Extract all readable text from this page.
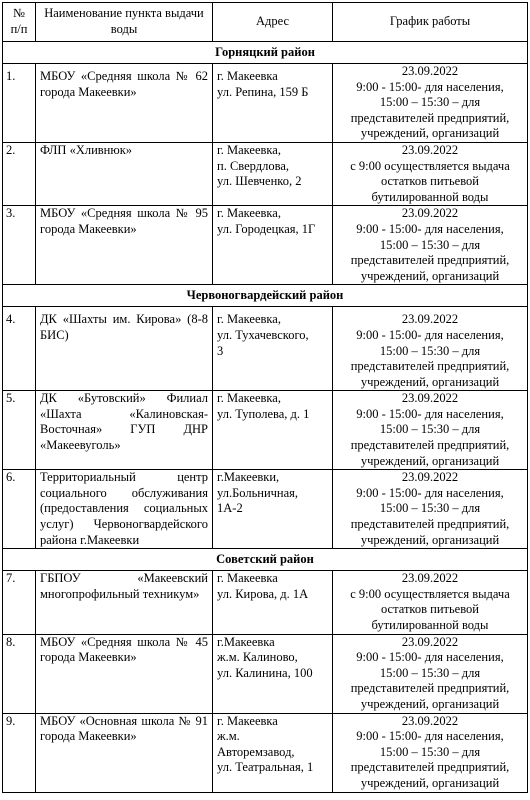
№ п/п	Наименование пункта выдачи воды	Адрес	График работы
Горняцкий район			

1.	МБОУ «Средняя школа № 62 города Макеевки»	г. Макеевка
ул. Репина, 159 Б	23.09.2022
9:00 - 15:00- для населения,
15:00 – 15:30 – для
представителей предприятий,
учреждений, организаций

2.	ФЛП «Хливнюк»	г. Макеевка,
п. Свердлова,
ул. Шевченко, 2	23.09.2022
с 9:00 осуществляется выдача
остатков питьевой
бутилированной воды

3.	МБОУ «Средняя школа № 95 города Макеевки»	г. Макеевка,
ул. Городецкая, 1Г	23.09.2022
9:00 - 15:00- для населения,
15:00 – 15:30 – для
представителей предприятий,
учреждений, организаций

Червоногвардейский район			

4.	ДК «Шахты им. Кирова» (8-8 БИС)	г. Макеевка,
ул. Тухачевского,
3	23.09.2022
9:00 - 15:00- для населения,
15:00 – 15:30 – для
представителей предприятий,
учреждений, организаций

5.	ДК «Бутовский» Филиал «Шахта «Калиновская-Восточная» ГУП ДНР «Макеевуголь»	г. Макеевка,
ул. Туполева, д. 1	23.09.2022
9:00 - 15:00- для населения,
15:00 – 15:30 – для
представителей предприятий,
учреждений, организаций

6.	Территориальный центр социального обслуживания (предоставления социальных услуг) Червоногвардейского района г.Макеевки	г.Макеевки,
ул.Больничная,
1А-2	23.09.2022
9:00 - 15:00- для населения,
15:00 – 15:30 – для
представителей предприятий,
учреждений, организаций

Советский район			
7.	ГБПОУ «Макеевский многопрофильный техникум»	г. Макеевка
ул. Кирова, д. 1А	23.09.2022
с 9:00 осуществляется выдача
остатков питьевой
бутилированной воды

8.	МБОУ «Средняя школа № 45 города Макеевки»	г.Макеевка
ж.м. Калиново,
ул. Калинина, 100	23.09.2022
9:00 - 15:00- для населения,
15:00 – 15:30 – для
представителей предприятий,
учреждений, организаций

9.	МБОУ «Основная школа № 91 города Макеевки»	г. Макеевка
ж.м.
Авторемзавод,
ул. Театральная, 1	23.09.2022
9:00 - 15:00- для населения,
15:00 – 15:30 – для
представителей предприятий,
учреждений, организаций
